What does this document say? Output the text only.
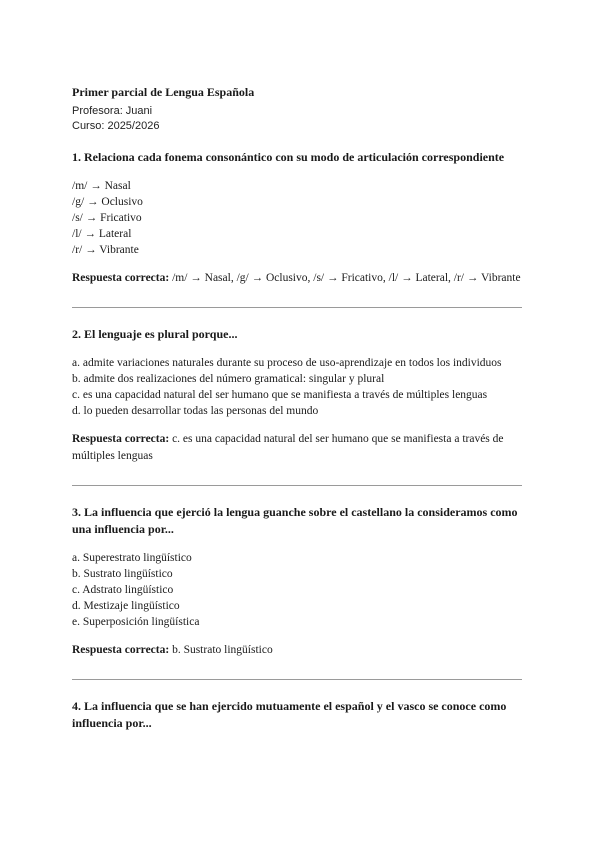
Primer parcial de Lengua Española
Profesora: Juani
Curso: 2025/2026
1. Relaciona cada fonema consonántico con su modo de articulación correspondiente
/m/ → Nasal
/g/ → Oclusivo
/s/ → Fricativo
/l/ → Lateral
/r/ → Vibrante
Respuesta correcta: /m/ → Nasal, /g/ → Oclusivo, /s/ → Fricativo, /l/ → Lateral, /r/ → Vibrante
2. El lenguaje es plural porque...
a. admite variaciones naturales durante su proceso de uso-aprendizaje en todos los individuos
b. admite dos realizaciones del número gramatical: singular y plural
c. es una capacidad natural del ser humano que se manifiesta a través de múltiples lenguas
d. lo pueden desarrollar todas las personas del mundo
Respuesta correcta: c. es una capacidad natural del ser humano que se manifiesta a través de múltiples lenguas
3. La influencia que ejerció la lengua guanche sobre el castellano la consideramos como una influencia por...
a. Superestrato lingüístico
b. Sustrato lingüístico
c. Adstrato lingüístico
d. Mestizaje lingüístico
e. Superposición lingüística
Respuesta correcta: b. Sustrato lingüístico
4. La influencia que se han ejercido mutuamente el español y el vasco se conoce como influencia por...
